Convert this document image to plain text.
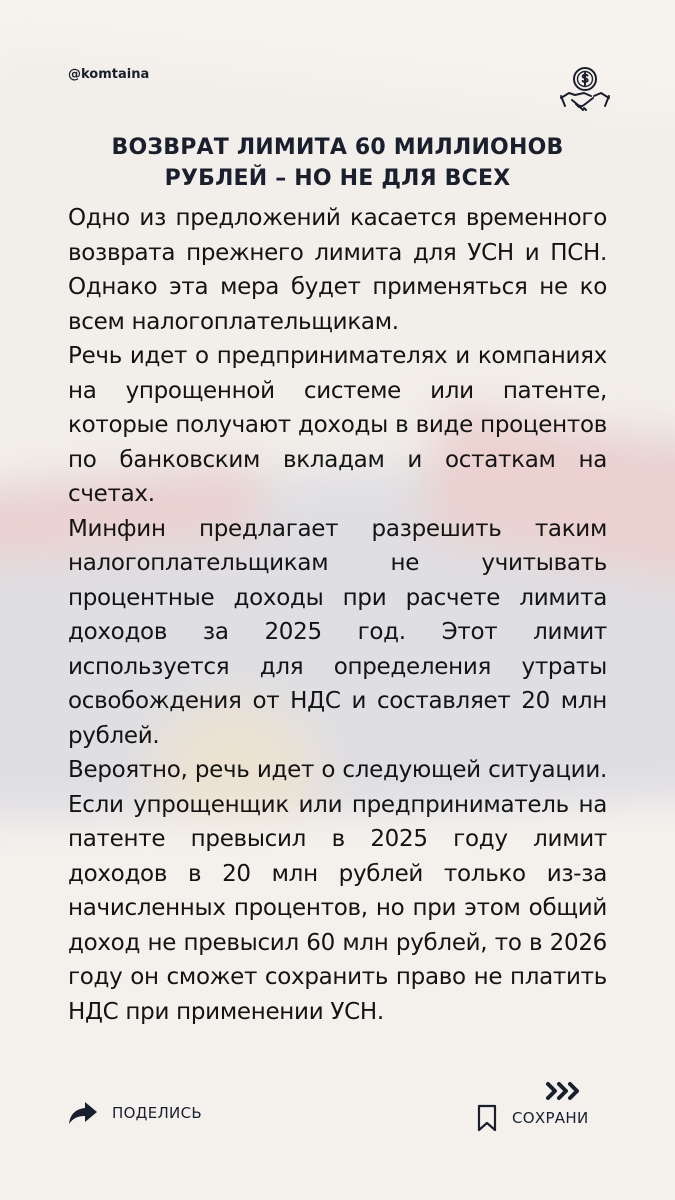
@komtaina
ВОЗВРАТ ЛИМИТА 60 МИЛЛИОНОВ РУБЛЕЙ – НО НЕ ДЛЯ ВСЕХ

Одно из предложений касается временного возврата прежнего лимита для УСН и ПСН. Однако эта мера будет применяться не ко всем налогоплательщикам.

Речь идет о предпринимателях и компаниях на упрощенной системе или патенте, которые получают доходы в виде процентов по банковским вкладам и остаткам на счетах.

Минфин предлагает разрешить таким налогоплательщикам не учитывать процентные доходы при расчете лимита доходов за 2025 год. Этот лимит используется для определения утраты освобождения от НДС и составляет 20 млн рублей.

Вероятно, речь идет о следующей ситуации. Если упрощенщик или предприниматель на патенте превысил в 2025 году лимит доходов в 20 млн рублей только из-за начисленных процентов, но при этом общий доход не превысил 60 млн рублей, то в 2026 году он сможет сохранить право не платить НДС при применении УСН.

ПОДЕЛИСЬ	СОХРАНИ
